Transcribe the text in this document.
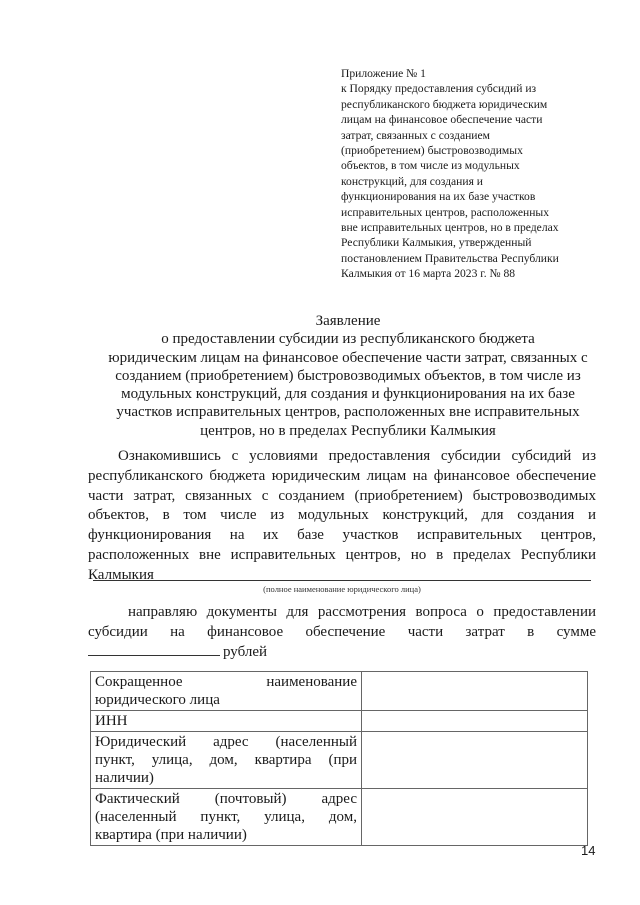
Приложение № 1
к Порядку предоставления субсидий из
республиканского бюджета юридическим
лицам на финансовое обеспечение части
затрат, связанных с созданием
(приобретением) быстровозводимых
объектов, в том числе из модульных
конструкций, для создания и
функционирования на их базе участков
исправительных центров, расположенных
вне исправительных центров, но в пределах
Республики Калмыкия, утвержденный
постановлением Правительства Республики
Калмыкия от 16 марта 2023 г. № 88
Заявление
о предоставлении субсидии из республиканского бюджета
юридическим лицам на финансовое обеспечение части затрат, связанных с
созданием (приобретением) быстровозводимых объектов, в том числе из
модульных конструкций, для создания и функционирования на их базе
участков исправительных центров, расположенных вне исправительных
центров, но в пределах Республики Калмыкия
Ознакомившись с условиями предоставления субсидии субсидий из
республиканского бюджета юридическим лицам на финансовое обеспечение
части затрат, связанных с созданием (приобретением) быстровозводимых
объектов, в том числе из модульных конструкций, для создания и
функционирования на их базе участков исправительных центров,
расположенных вне исправительных центров, но в пределах Республики
Калмыкия
(полное наименование юридического лица)
направляю документы для рассмотрения вопроса о предоставлении
субсидии на финансовое обеспечение части затрат в сумме
рублей
Сокращенное наименование
юридического лица	

ИНН	

Юридический адрес (населенный
пункт, улица, дом, квартира (при
наличии)	

Фактический (почтовый) адрес
(населенный пункт, улица, дом,
квартира (при наличии)	

14
